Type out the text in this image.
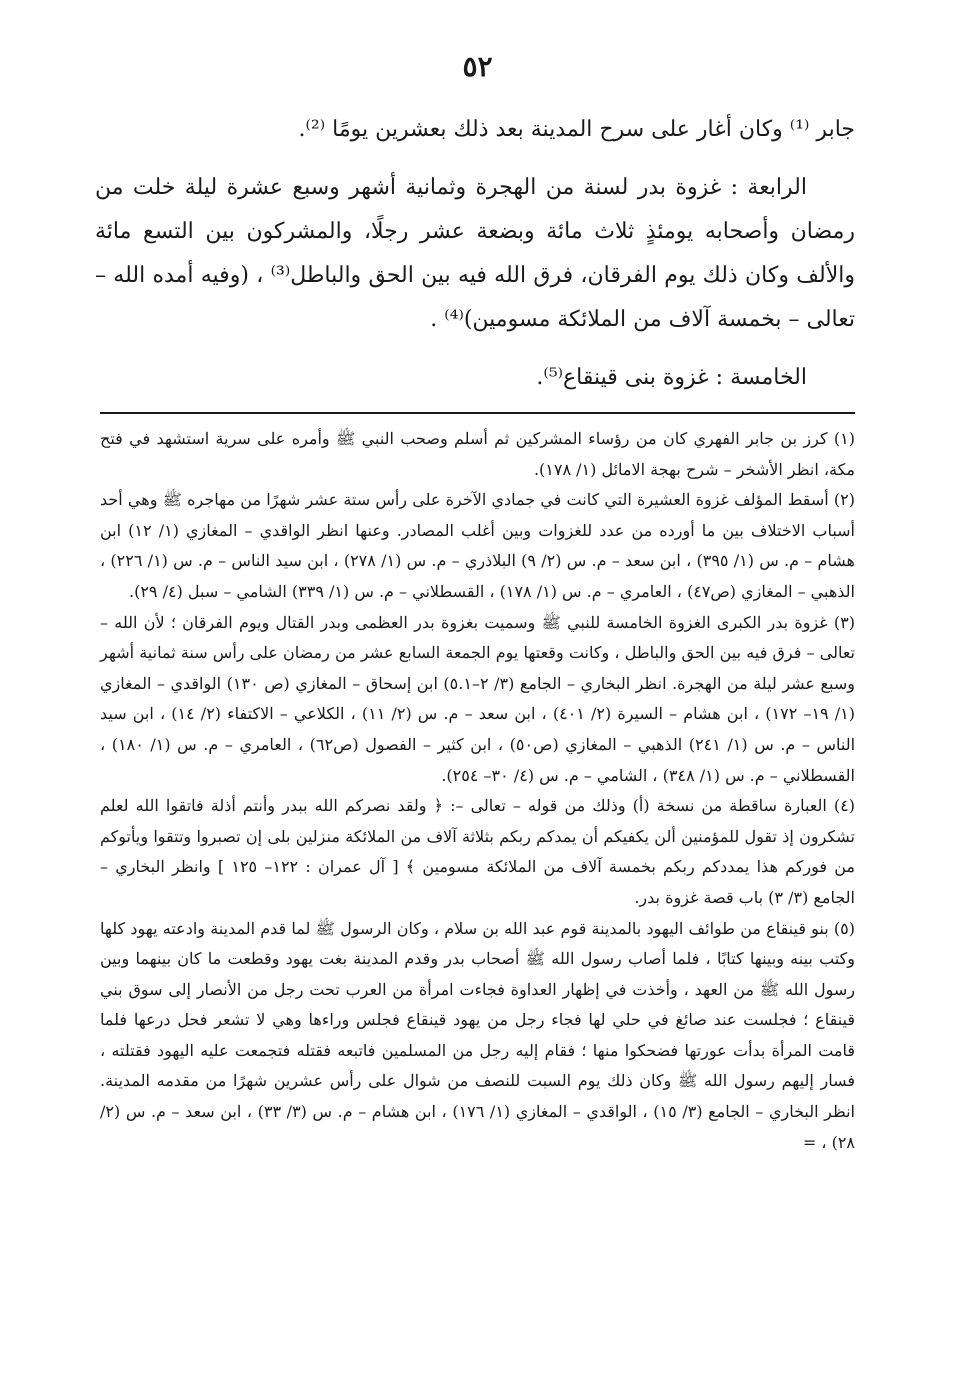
٥٢

جابر ⁽¹⁾ وكان أغار على سرح المدينة بعد ذلك بعشرين يومًا ⁽²⁾.

الرابعة : غزوة بدر لسنة من الهجرة وثمانية أشهر وسبع عشرة ليلة خلت من رمضان وأصحابه يومئذٍ ثلاث مائة وبضعة عشر رجلًا، والمشركون بين التسع مائة والألف وكان ذلك يوم الفرقان، فرق الله فيه بين الحق والباطل⁽³⁾ ، (وفيه أمده الله – تعالى – بخمسة آلاف من الملائكة مسومين)⁽⁴⁾ .

الخامسة : غزوة بنى قينقاع⁽⁵⁾.

(١) كرز بن جابر الفهري كان من رؤساء المشركين ثم أسلم وصحب النبي ﷺ وأمره على سرية استشهد في فتح مكة، انظر الأشخر – شرح بهجة الامائل (١/ ١٧٨).

(٢) أسقط المؤلف غزوة العشيرة التي كانت في جمادي الآخرة على رأس ستة عشر شهرًا من مهاجره ﷺ وهي أحد أسباب الاختلاف بين ما أورده من عدد للغزوات وبين أغلب المصادر. وعنها انظر الواقدي – المغازي (١/ ١٢) ابن هشام – م. س (١/ ٣٩٥) ، ابن سعد – م. س (٢/ ٩) البلاذري – م. س (١/ ٢٧٨) ، ابن سيد الناس – م. س (١/ ٢٢٦) ، الذهبي – المغازي (ص٤٧) ، العامري – م. س (١/ ١٧٨) ، القسطلاني – م. س (١/ ٣٣٩) الشامي – سبل (٤/ ٢٩).

(٣) غزوة بدر الكبرى الغزوة الخامسة للنبي ﷺ وسميت بغزوة بدر العظمى وبدر القتال ويوم الفرقان ؛ لأن الله – تعالى – فرق فيه بين الحق والباطل ، وكانت وقعتها يوم الجمعة السابع عشر من رمضان على رأس سنة ثمانية أشهر وسبع عشر ليلة من الهجرة. انظر البخاري – الجامع (٣/ ٢–٥.١) ابن إسحاق – المغازي (ص ١٣٠) الواقدي – المغازي (١/ ١٩– ١٧٢) ، ابن هشام – السيرة (٢/ ٤٠١) ، ابن سعد – م. س (٢/ ١١) ، الكلاعي – الاكتفاء (٢/ ١٤) ، ابن سيد الناس – م. س (١/ ٢٤١) الذهبي – المغازي (ص٥٠) ، ابن كثير – الفصول (ص٦٢) ، العامري – م. س (١/ ١٨٠) ، القسطلاني – م. س (١/ ٣٤٨) ، الشامي – م. س (٤/ ٣٠– ٢٥٤).

(٤) العبارة ساقطة من نسخة (أ) وذلك من قوله – تعالى –: ﴿ ولقد نصركم الله ببدر وأنتم أذلة فاتقوا الله لعلم تشكرون إذ تقول للمؤمنين ألن يكفيكم أن يمدكم ربكم بثلاثة آلاف من الملائكة منزلين بلى إن تصبروا وتتقوا ويأتوكم من فوركم هذا يمددكم ربكم بخمسة آلاف من الملائكة مسومين ﴾ [ آل عمران : ١٢٢– ١٢٥ ] وانظر البخاري – الجامع (٣/ ٣) باب قصة غزوة بدر.

(٥) بنو قينقاع من طوائف اليهود بالمدينة قوم عبد الله بن سلام ، وكان الرسول ﷺ لما قدم المدينة وادعته يهود كلها وكتب بينه وبينها كتابًا ، فلما أصاب رسول الله ﷺ أصحاب بدر وقدم المدينة بغت يهود وقطعت ما كان بينهما وبين رسول الله ﷺ من العهد ، وأخذت في إظهار العداوة فجاءت امرأة من العرب تحت رجل من الأنصار إلى سوق بني قينقاع ؛ فجلست عند صائغ في حلي لها فجاء رجل من يهود قينقاع فجلس وراءها وهي لا تشعر فحل درعها فلما قامت المرأة بدأت عورتها فضحكوا منها ؛ فقام إليه رجل من المسلمين فاتبعه فقتله فتجمعت عليه اليهود فقتلته ، فسار إليهم رسول الله ﷺ وكان ذلك يوم السبت للنصف من شوال على رأس عشرين شهرًا من مقدمه المدينة. انظر البخاري – الجامع (٣/ ١٥) ، الواقدي – المغازي (١/ ١٧٦) ، ابن هشام – م. س (٣/ ٣٣) ، ابن سعد – م. س (٢/ ٢٨) ، =
